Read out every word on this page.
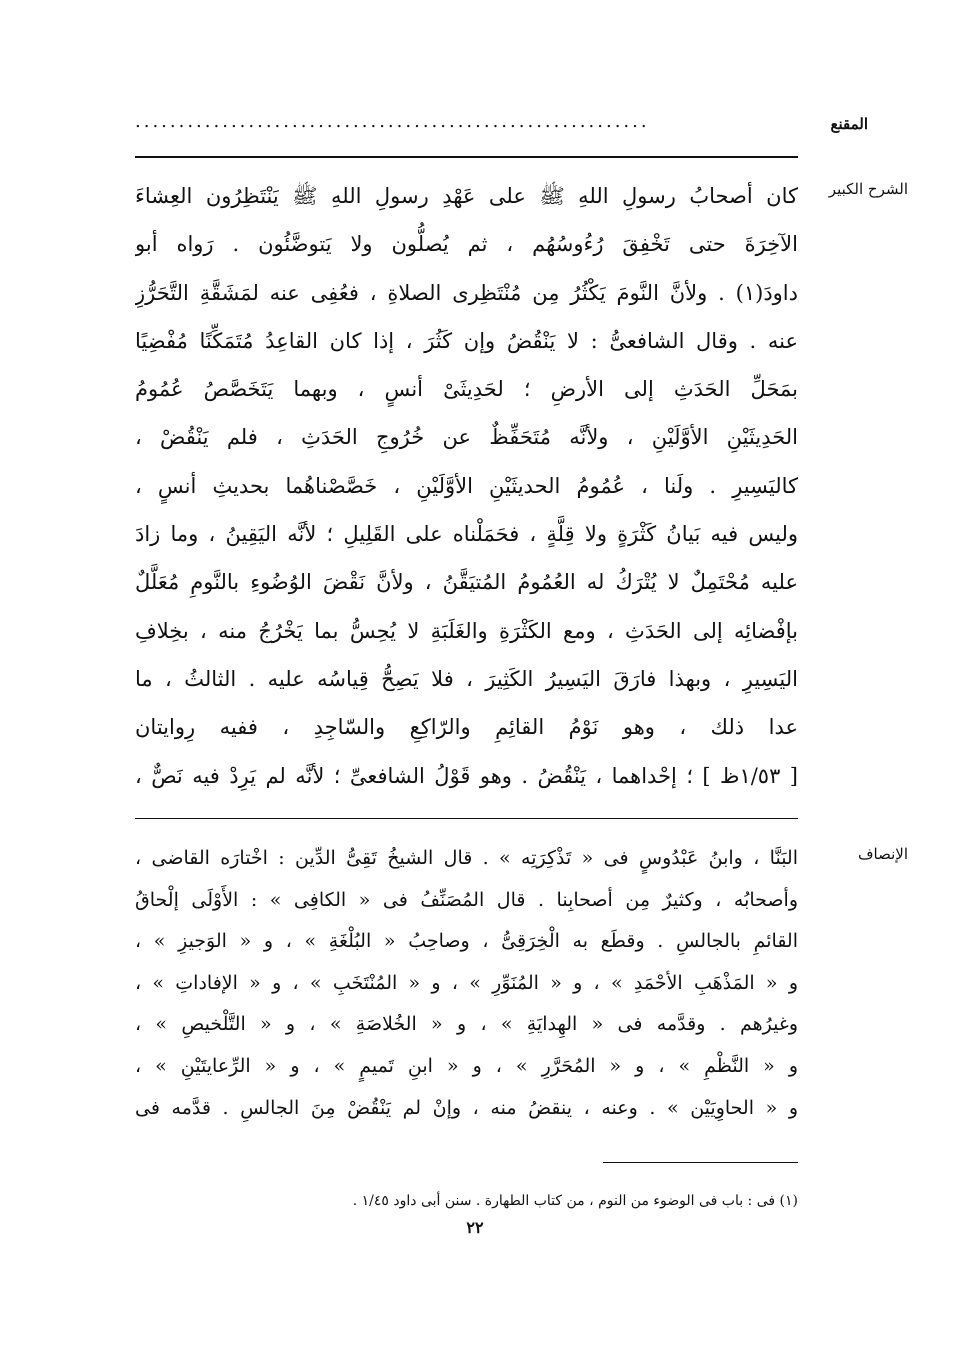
المقنع
...........................................................
الشرح الكبير
كان أصحابُ رسولِ اللهِ ﷺ على عَهْدِ رسولِ اللهِ ﷺ يَنْتَظِرُون العِشاءَ
الآخِرَةَ حتى تَخْفِقَ رُءُوسُهُم ، ثم يُصلُّون ولا يَتوضَّئُون . رَواه أبو
داودَ(١) . ولأنَّ النَّومَ يَكْثُرُ مِن مُنْتَظِرى الصلاةِ ، فعُفِى عنه لمَشَقَّةِ التَّحَرُّزِ
عنه . وقال الشافعىُّ : لا يَنْقُضُ وإن كَثُرَ ، إذا كان القاعِدُ مُتَمَكِّنًا مُفْضِيًا
بمَحَلِّ الحَدَثِ إلى الأرضِ ؛ لحَدِيثَىْ أنسٍ ، وبهما يَتَخَصَّصُ عُمُومُ
الحَدِيثَيْنِ الأوَّلَيْنِ ، ولأنَّه مُتَحَفِّظٌ عن خُرُوجِ الحَدَثِ ، فلم يَنْقُضْ ،
كاليَسِيرِ . ولَنا ، عُمُومُ الحديثَيْنِ الأوَّلَيْنِ ، خَصَّصْناهُما بحديثِ أنسٍ ،
وليس فيه بَيانُ كَثْرَةٍ ولا قِلَّةٍ ، فحَمَلْناه على القَلِيلِ ؛ لأنَّه اليَقِينُ ، وما زادَ
عليه مُحْتَمِلٌ لا يُتْرَكُ له العُمُومُ المُتيَقَّنُ ، ولأنَّ نَقْضَ الوُضُوءِ بالنَّومِ مُعَلَّلٌ
بإفْضائِه إلى الحَدَثِ ، ومع الكَثْرَةِ والغَلَبَةِ لا يُحِسُّ بما يَخْرُجُ منه ، بخِلافِ
اليَسِيرِ ، وبهذا فارَقَ اليَسِيرُ الكَثِيرَ ، فلا يَصِحُّ قِياسُه عليه . الثالثُ ، ما
عدا ذلك ، وهو نَوْمُ القائِمِ والرّاكِعِ والسّاجِدِ ، ففيه رِوايتان
[ ١/٥٣ظ ] ؛ إحْداهما ، يَنْقُضُ . وهو قَوْلُ الشافعىِّ ؛ لأنَّه لم يَرِدْ فيه نَصٌّ ،
الإنصاف
البَنَّا ، وابنُ عَبْدُوسٍ فى « تَذْكِرَتِه » . قال الشيخُ تَقِىُّ الدِّين : اخْتارَه القاضى ،
وأصحابُه ، وكثيرٌ مِن أصحابِنا . قال المُصَنِّفُ فى « الكافِى » : الأَوْلَى إلْحاقُ
القائمِ بالجالسِ . وقطَع به الْخِرَقِىُّ ، وصاحِبُ « البُلْغَةِ » ، و « الوَجيزِ » ،
و « المَذْهَبِ الأحْمَدِ » ، و « المُنَوِّرِ » ، و « المُنْتَخَبِ » ، و « الإفاداتِ » ،
وغيرُهم . وقدَّمه فى « الهِدايَةِ » ، و « الخُلاصَةِ » ، و « التَّلْخيصِ » ،
و « النَّظْمِ » ، و « المُحَرَّرِ » ، و « ابنِ تَميمٍ » ، و « الرِّعايتَيْنِ » ،
و « الحاوِيَيْن » . وعنه ، ينقضُ منه ، وإنْ لم يَنْقُضْ مِنَ الجالسِ . قدَّمه فى
(١) فى : باب فى الوضوء من النوم ، من كتاب الطهارة . سنن أبى داود ١/٤٥ .
٢٢
